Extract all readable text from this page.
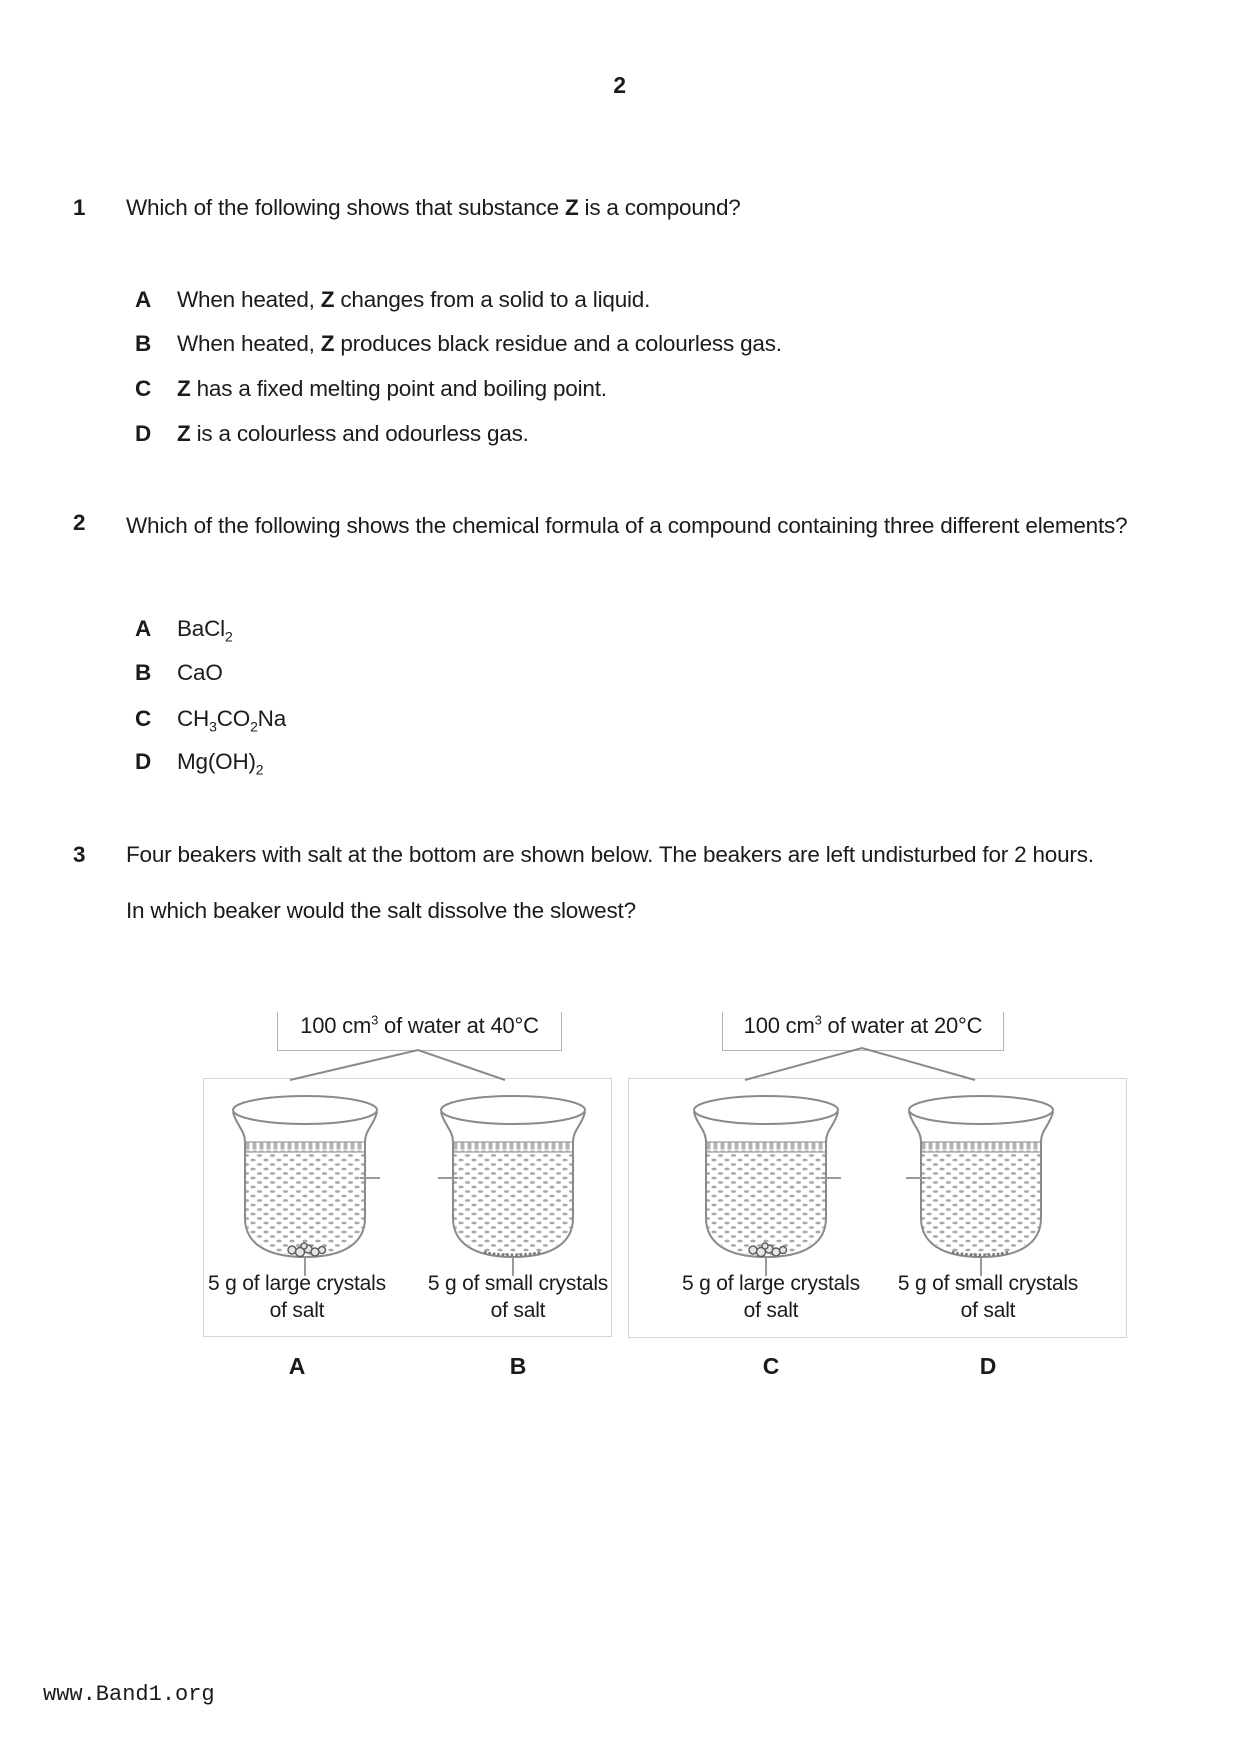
2
1	Which of the following shows that substance Z is a compound?
A	When heated, Z changes from a solid to a liquid.
B	When heated, Z produces black residue and a colourless gas.
C	Z has a fixed melting point and boiling point.
D	Z is a colourless and odourless gas.
2	Which of the following shows the chemical formula of a compound containing three different elements?
A	BaCl$_2$
B	CaO
C	$CH_3CO_2Na$
D	$Mg(OH)_2$
3	Four beakers with salt at the bottom are shown below. The beakers are left undisturbed for 2 hours.
In which beaker would the salt dissolve the slowest?
100 $cm^3$ of water at 40°C	100 $cm^3$ of water at 20°C
5 g of large crystals
of salt
5 g of small crystals
of salt
5 g of large crystals
of salt
5 g of small crystals
of salt
A	B	C	D
www.Band1.org
